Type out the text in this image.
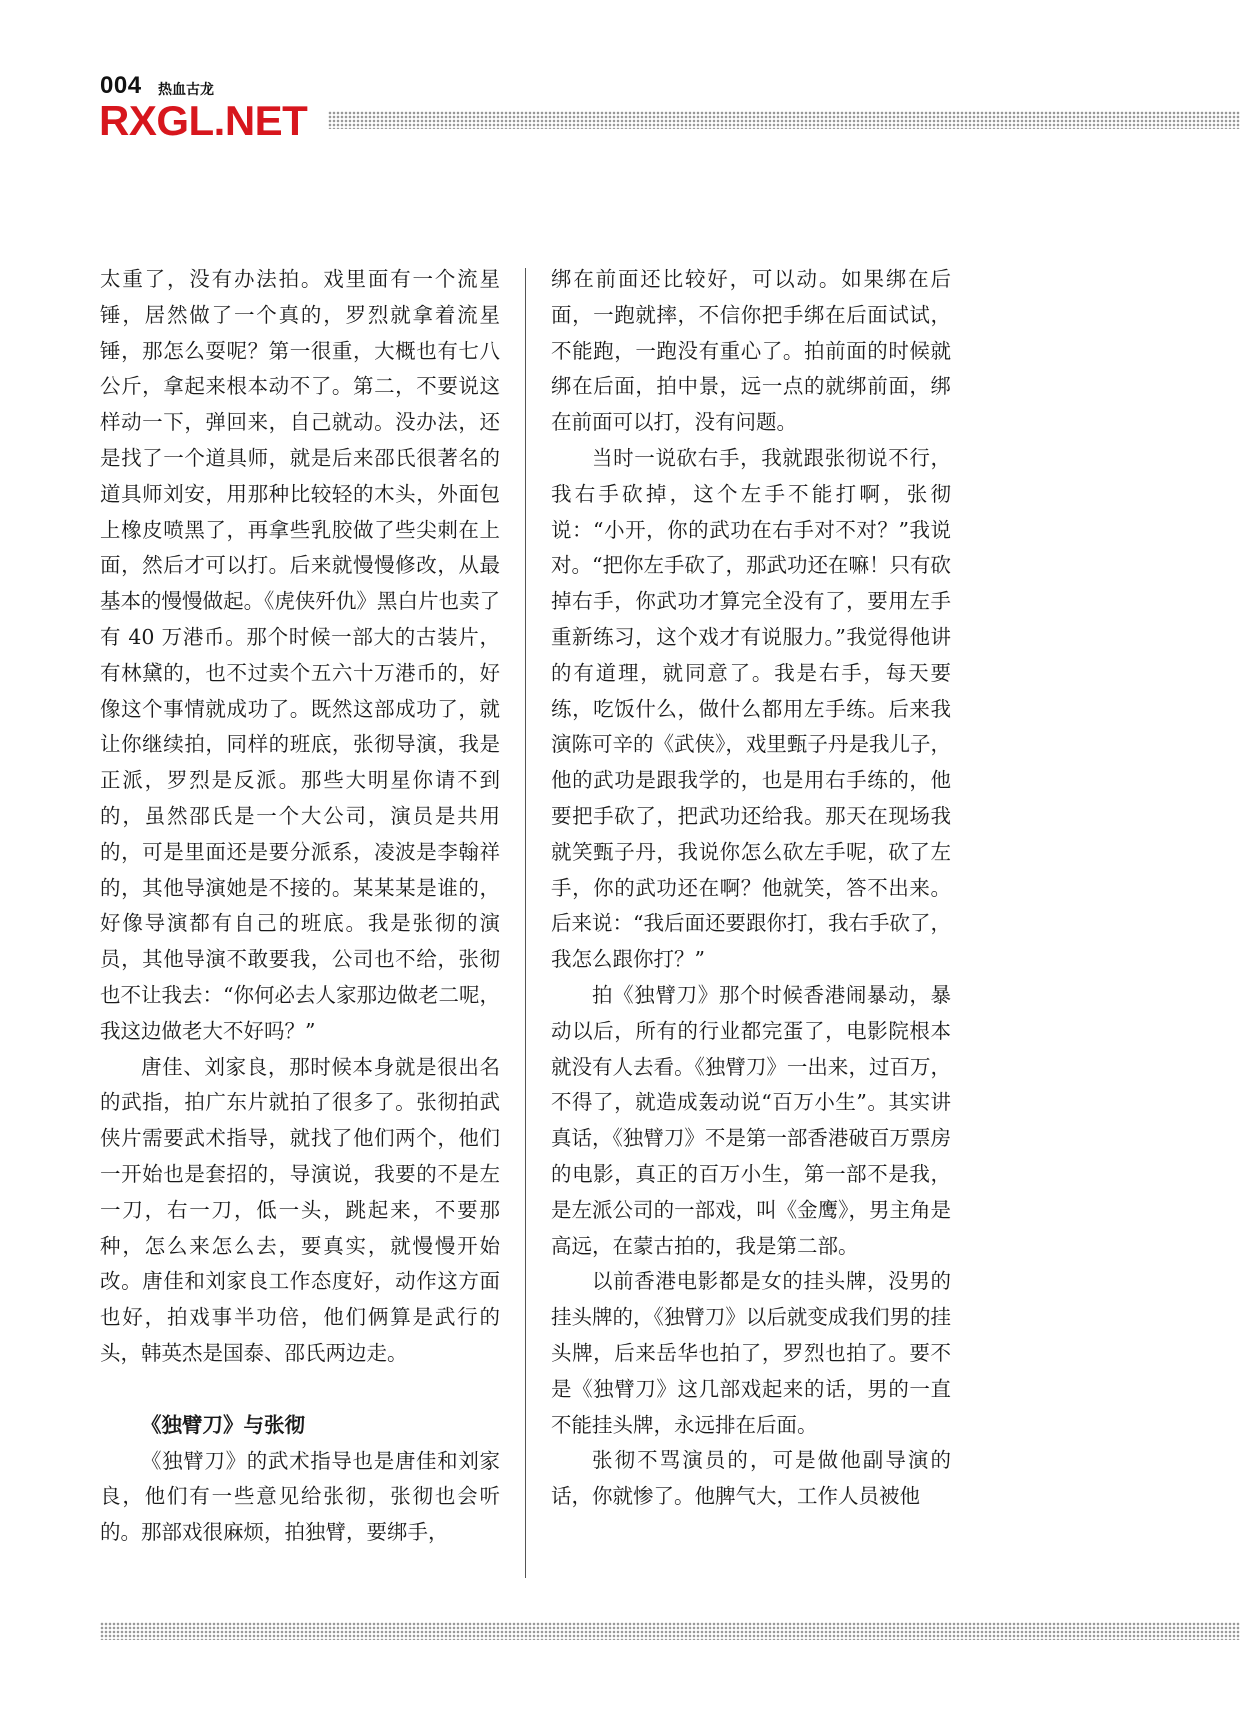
004 热血古龙
RXGL.NET

太重了，没有办法拍。戏里面有一个流星锤，居然做了一个真的，罗烈就拿着流星锤，那怎么耍呢？第一很重，大概也有七八公斤，拿起来根本动不了。第二，不要说这样动一下，弹回来，自己就动。没办法，还是找了一个道具师，就是后来邵氏很著名的道具师刘安，用那种比较轻的木头，外面包上橡皮喷黑了，再拿些乳胶做了些尖刺在上面，然后才可以打。后来就慢慢修改，从最基本的慢慢做起。《虎侠歼仇》黑白片也卖了有 40 万港币。那个时候一部大的古装片，有林黛的，也不过卖个五六十万港币的，好像这个事情就成功了。既然这部成功了，就让你继续拍，同样的班底，张彻导演，我是正派，罗烈是反派。那些大明星你请不到的，虽然邵氏是一个大公司，演员是共用的，可是里面还是要分派系，凌波是李翰祥的，其他导演她是不接的。某某某是谁的，好像导演都有自己的班底。我是张彻的演员，其他导演不敢要我，公司也不给，张彻也不让我去：“你何必去人家那边做老二呢，我这边做老大不好吗？”

唐佳、刘家良，那时候本身就是很出名的武指，拍广东片就拍了很多了。张彻拍武侠片需要武术指导，就找了他们两个，他们一开始也是套招的，导演说，我要的不是左一刀，右一刀，低一头，跳起来，不要那种，怎么来怎么去，要真实，就慢慢开始改。唐佳和刘家良工作态度好，动作这方面也好，拍戏事半功倍，他们俩算是武行的头，韩英杰是国泰、邵氏两边走。

《独臂刀》与张彻

《独臂刀》的武术指导也是唐佳和刘家良，他们有一些意见给张彻，张彻也会听的。那部戏很麻烦，拍独臂，要绑手，

绑在前面还比较好，可以动。如果绑在后面，一跑就摔，不信你把手绑在后面试试，不能跑，一跑没有重心了。拍前面的时候就绑在后面，拍中景，远一点的就绑前面，绑在前面可以打，没有问题。

当时一说砍右手，我就跟张彻说不行，我右手砍掉，这个左手不能打啊，张彻说：“小开，你的武功在右手对不对？”我说对。“把你左手砍了，那武功还在嘛！只有砍掉右手，你武功才算完全没有了，要用左手重新练习，这个戏才有说服力。”我觉得他讲的有道理，就同意了。我是右手，每天要练，吃饭什么，做什么都用左手练。后来我演陈可辛的《武侠》，戏里甄子丹是我儿子，他的武功是跟我学的，也是用右手练的，他要把手砍了，把武功还给我。那天在现场我就笑甄子丹，我说你怎么砍左手呢，砍了左手，你的武功还在啊？他就笑，答不出来。后来说：“我后面还要跟你打，我右手砍了，我怎么跟你打？”

拍《独臂刀》那个时候香港闹暴动，暴动以后，所有的行业都完蛋了，电影院根本就没有人去看。《独臂刀》一出来，过百万，不得了，就造成轰动说“百万小生”。其实讲真话，《独臂刀》不是第一部香港破百万票房的电影，真正的百万小生，第一部不是我，是左派公司的一部戏，叫《金鹰》，男主角是高远，在蒙古拍的，我是第二部。

以前香港电影都是女的挂头牌，没男的挂头牌的，《独臂刀》以后就变成我们男的挂头牌，后来岳华也拍了，罗烈也拍了。要不是《独臂刀》这几部戏起来的话，男的一直不能挂头牌，永远排在后面。

张彻不骂演员的，可是做他副导演的话，你就惨了。他脾气大，工作人员被他
